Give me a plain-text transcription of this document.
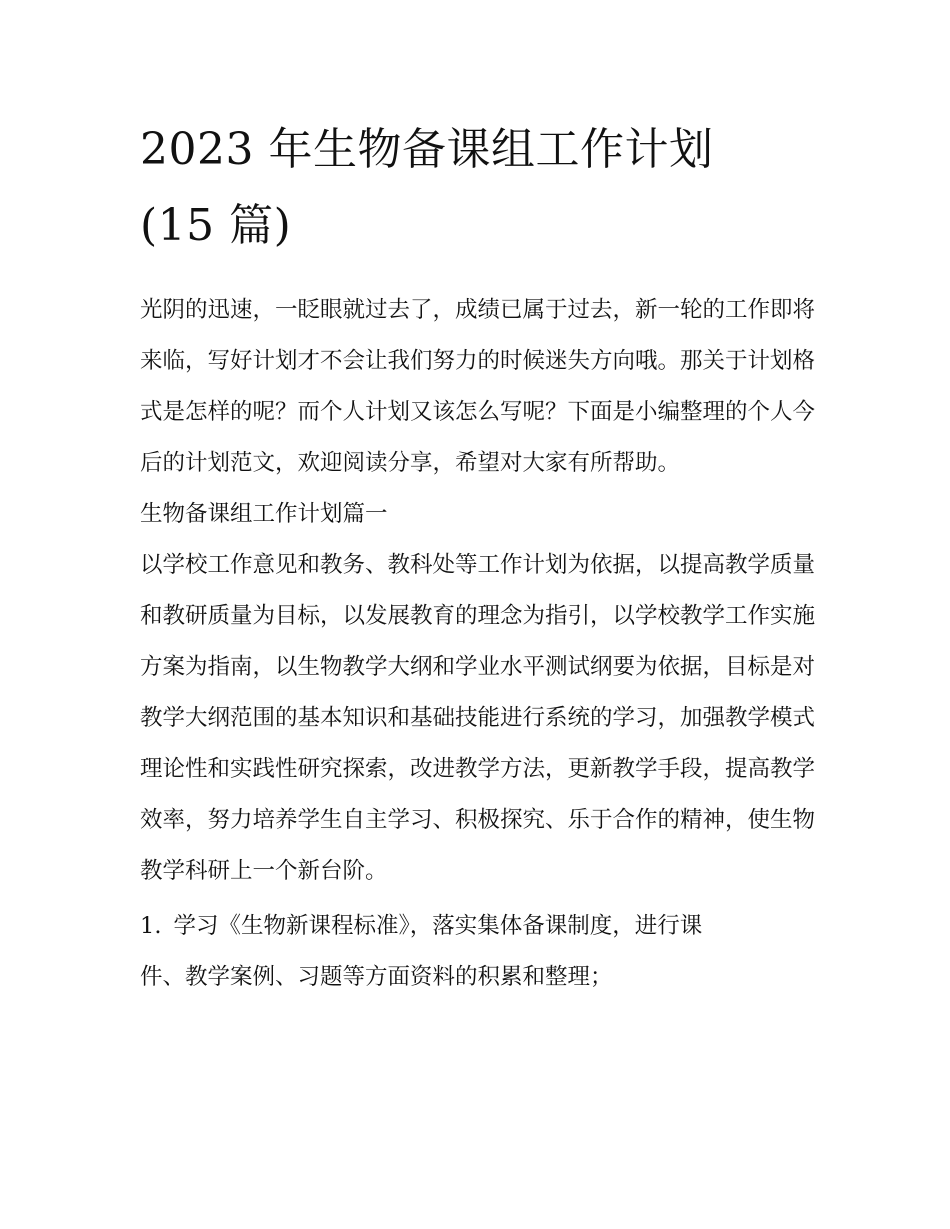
2023 年生物备课组工作计划
(15 篇)

光阴的迅速，一眨眼就过去了，成绩已属于过去，新一轮的工作即将来临，写好计划才不会让我们努力的时候迷失方向哦。那关于计划格式是怎样的呢？而个人计划又该怎么写呢？下面是小编整理的个人今后的计划范文，欢迎阅读分享，希望对大家有所帮助。

生物备课组工作计划篇一

以学校工作意见和教务、教科处等工作计划为依据，以提高教学质量和教研质量为目标，以发展教育的理念为指引，以学校教学工作实施方案为指南，以生物教学大纲和学业水平测试纲要为依据，目标是对教学大纲范围的基本知识和基础技能进行系统的学习，加强教学模式理论性和实践性研究探索，改进教学方法，更新教学手段，提高教学效率，努力培养学生自主学习、积极探究、乐于合作的精神，使生物教学科研上一个新台阶。

1. 学习《生物新课程标准》，落实集体备课制度，进行课
件、教学案例、习题等方面资料的积累和整理；
